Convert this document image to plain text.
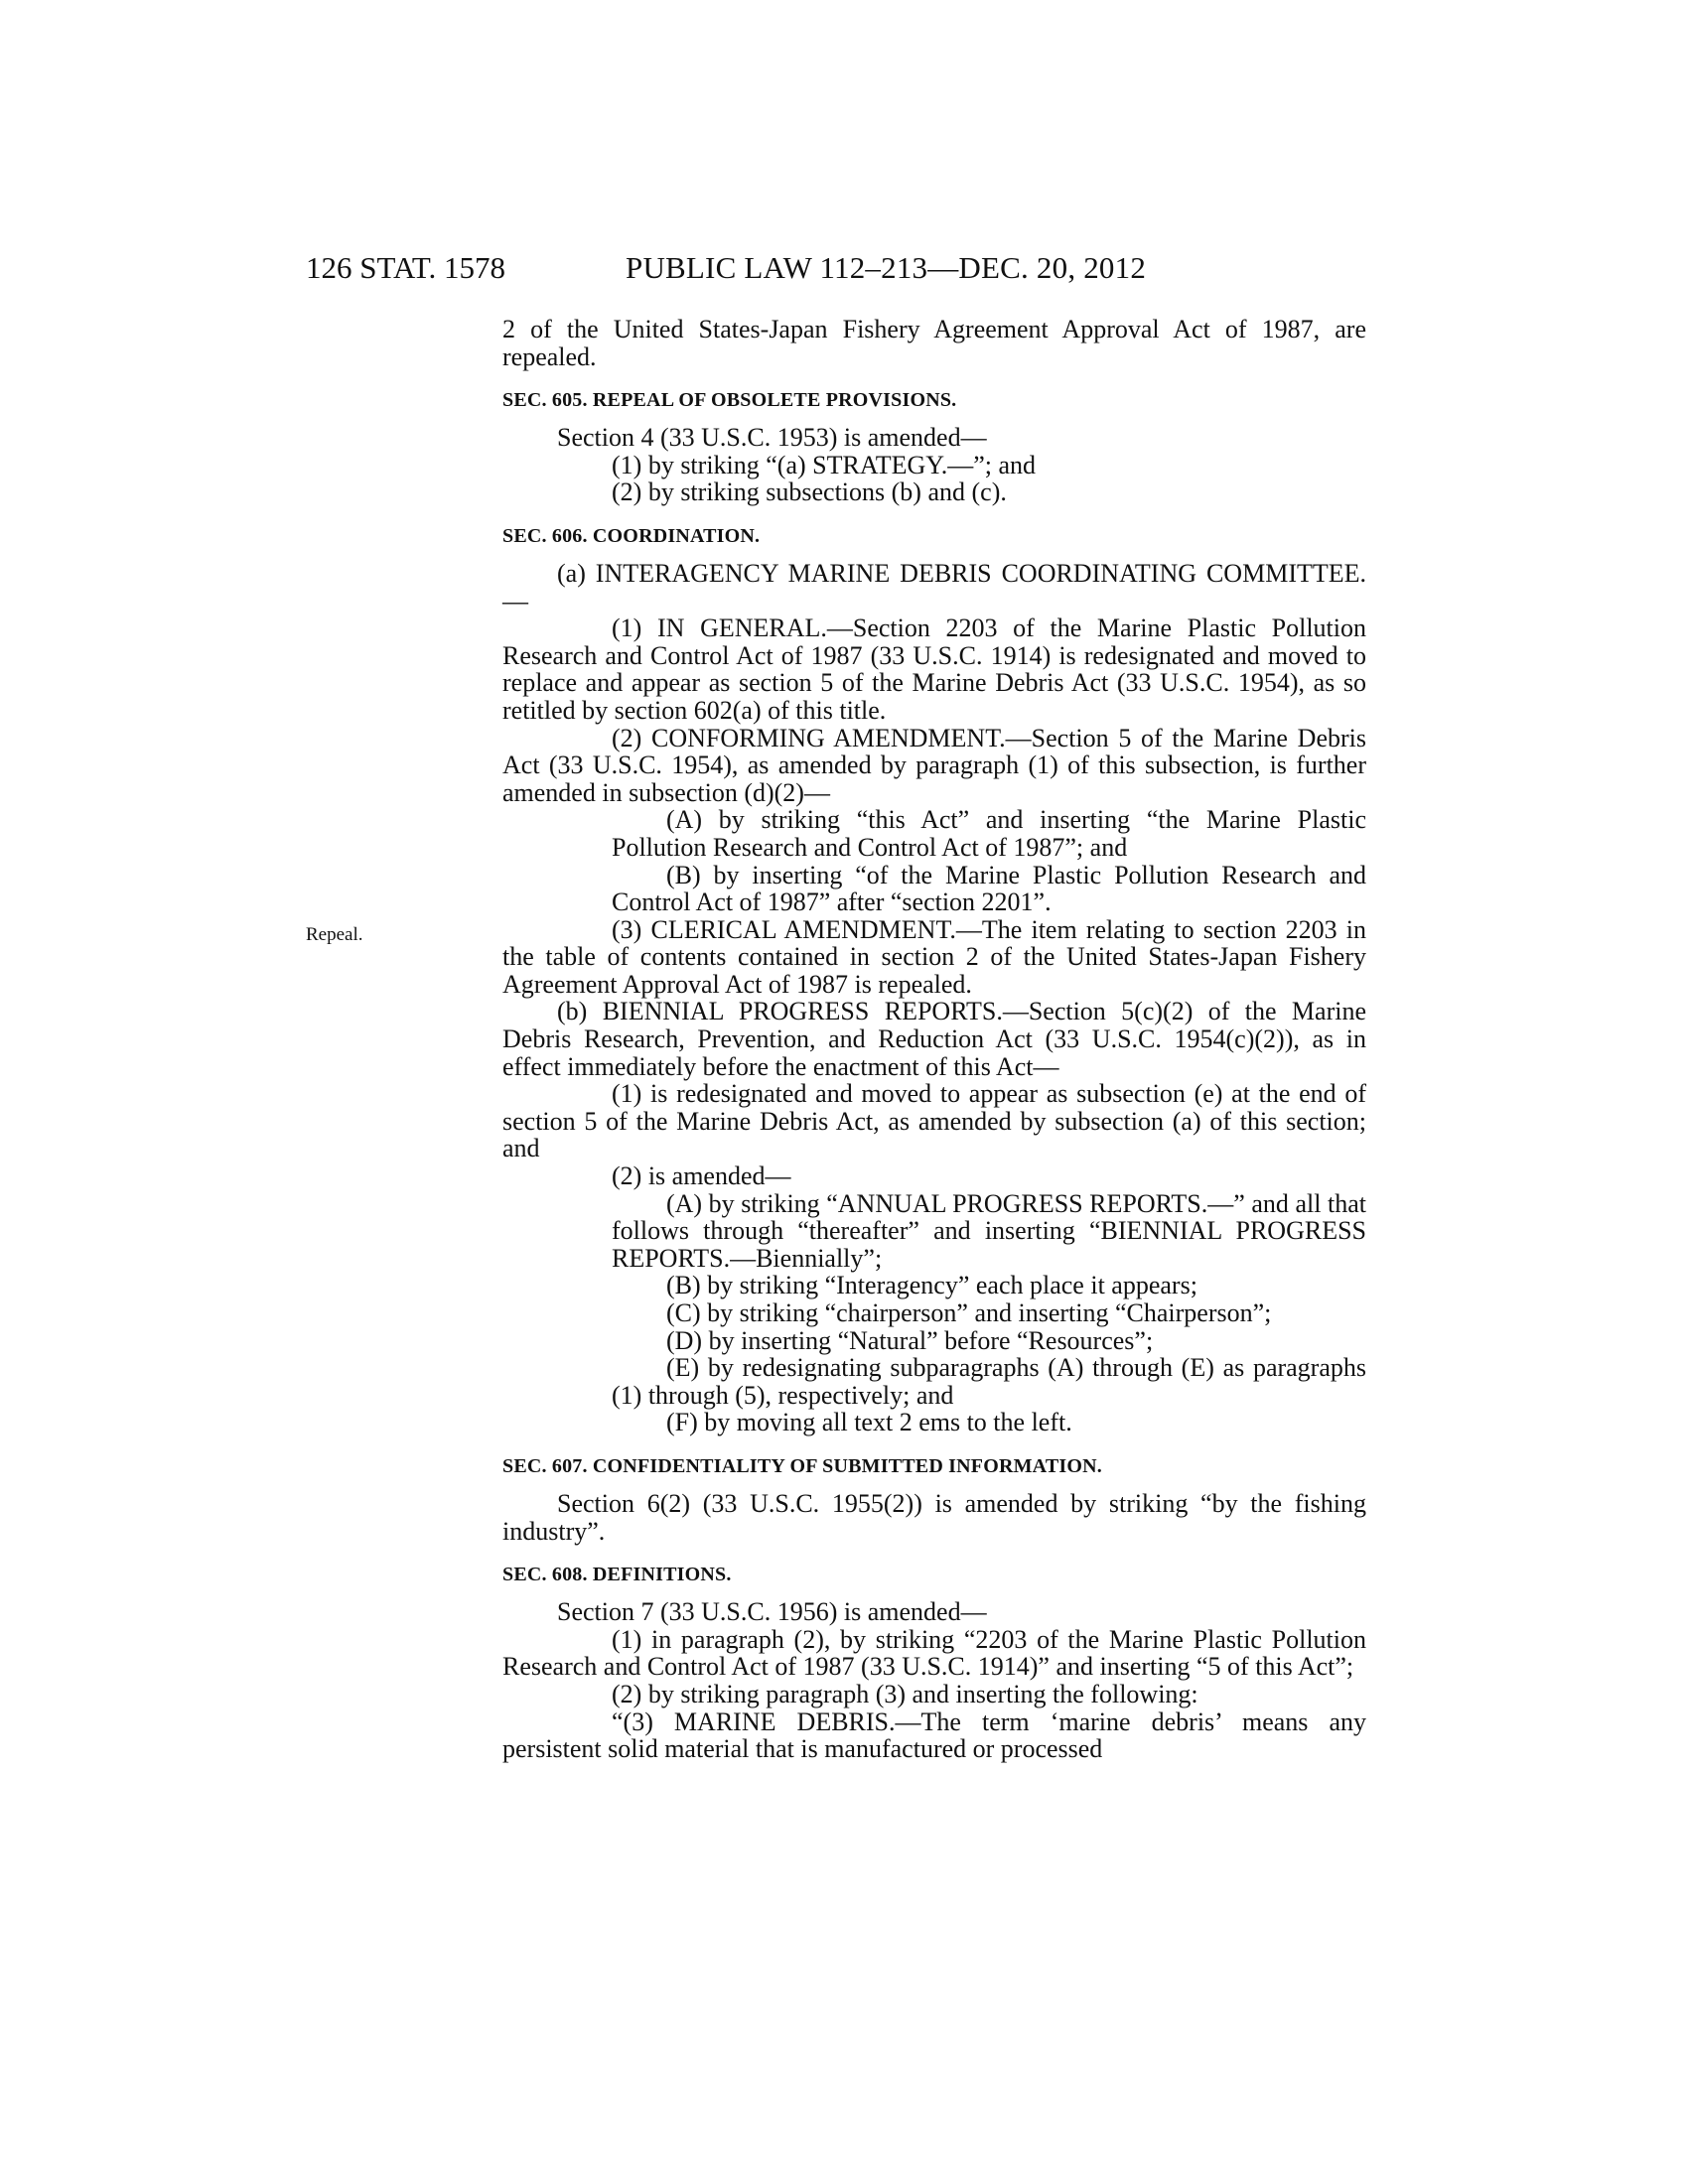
126 STAT. 1578	PUBLIC LAW 112–213—DEC. 20, 2012
Repeal.

2 of the United States-Japan Fishery Agreement Approval Act of 1987, are repealed.

SEC. 605. REPEAL OF OBSOLETE PROVISIONS.

Section 4 (33 U.S.C. 1953) is amended—

(1) by striking “(a) STRATEGY.—”; and

(2) by striking subsections (b) and (c).

SEC. 606. COORDINATION.

(a) INTERAGENCY MARINE DEBRIS COORDINATING COMMITTEE.—

(1) IN GENERAL.—Section 2203 of the Marine Plastic Pollution Research and Control Act of 1987 (33 U.S.C. 1914) is redesignated and moved to replace and appear as section 5 of the Marine Debris Act (33 U.S.C. 1954), as so retitled by section 602(a) of this title.

(2) CONFORMING AMENDMENT.—Section 5 of the Marine Debris Act (33 U.S.C. 1954), as amended by paragraph (1) of this subsection, is further amended in subsection (d)(2)—

(A) by striking “this Act” and inserting “the Marine Plastic Pollution Research and Control Act of 1987”; and

(B) by inserting “of the Marine Plastic Pollution Research and Control Act of 1987” after “section 2201”.

(3) CLERICAL AMENDMENT.—The item relating to section 2203 in the table of contents contained in section 2 of the United States-Japan Fishery Agreement Approval Act of 1987 is repealed.

(b) BIENNIAL PROGRESS REPORTS.—Section 5(c)(2) of the Marine Debris Research, Prevention, and Reduction Act (33 U.S.C. 1954(c)(2)), as in effect immediately before the enactment of this Act—

(1) is redesignated and moved to appear as subsection (e) at the end of section 5 of the Marine Debris Act, as amended by subsection (a) of this section; and

(2) is amended—

(A) by striking “ANNUAL PROGRESS REPORTS.—” and all that follows through “thereafter” and inserting “BIENNIAL PROGRESS REPORTS.—Biennially”;

(B) by striking “Interagency” each place it appears;

(C) by striking “chairperson” and inserting “Chairperson”;

(D) by inserting “Natural” before “Resources”;

(E) by redesignating subparagraphs (A) through (E) as paragraphs (1) through (5), respectively; and

(F) by moving all text 2 ems to the left.

SEC. 607. CONFIDENTIALITY OF SUBMITTED INFORMATION.

Section 6(2) (33 U.S.C. 1955(2)) is amended by striking “by the fishing industry”.

SEC. 608. DEFINITIONS.

Section 7 (33 U.S.C. 1956) is amended—

(1) in paragraph (2), by striking “2203 of the Marine Plastic Pollution Research and Control Act of 1987 (33 U.S.C. 1914)” and inserting “5 of this Act”;

(2) by striking paragraph (3) and inserting the following:

“(3) MARINE DEBRIS.—The term ‘marine debris’ means any persistent solid material that is manufactured or processed
